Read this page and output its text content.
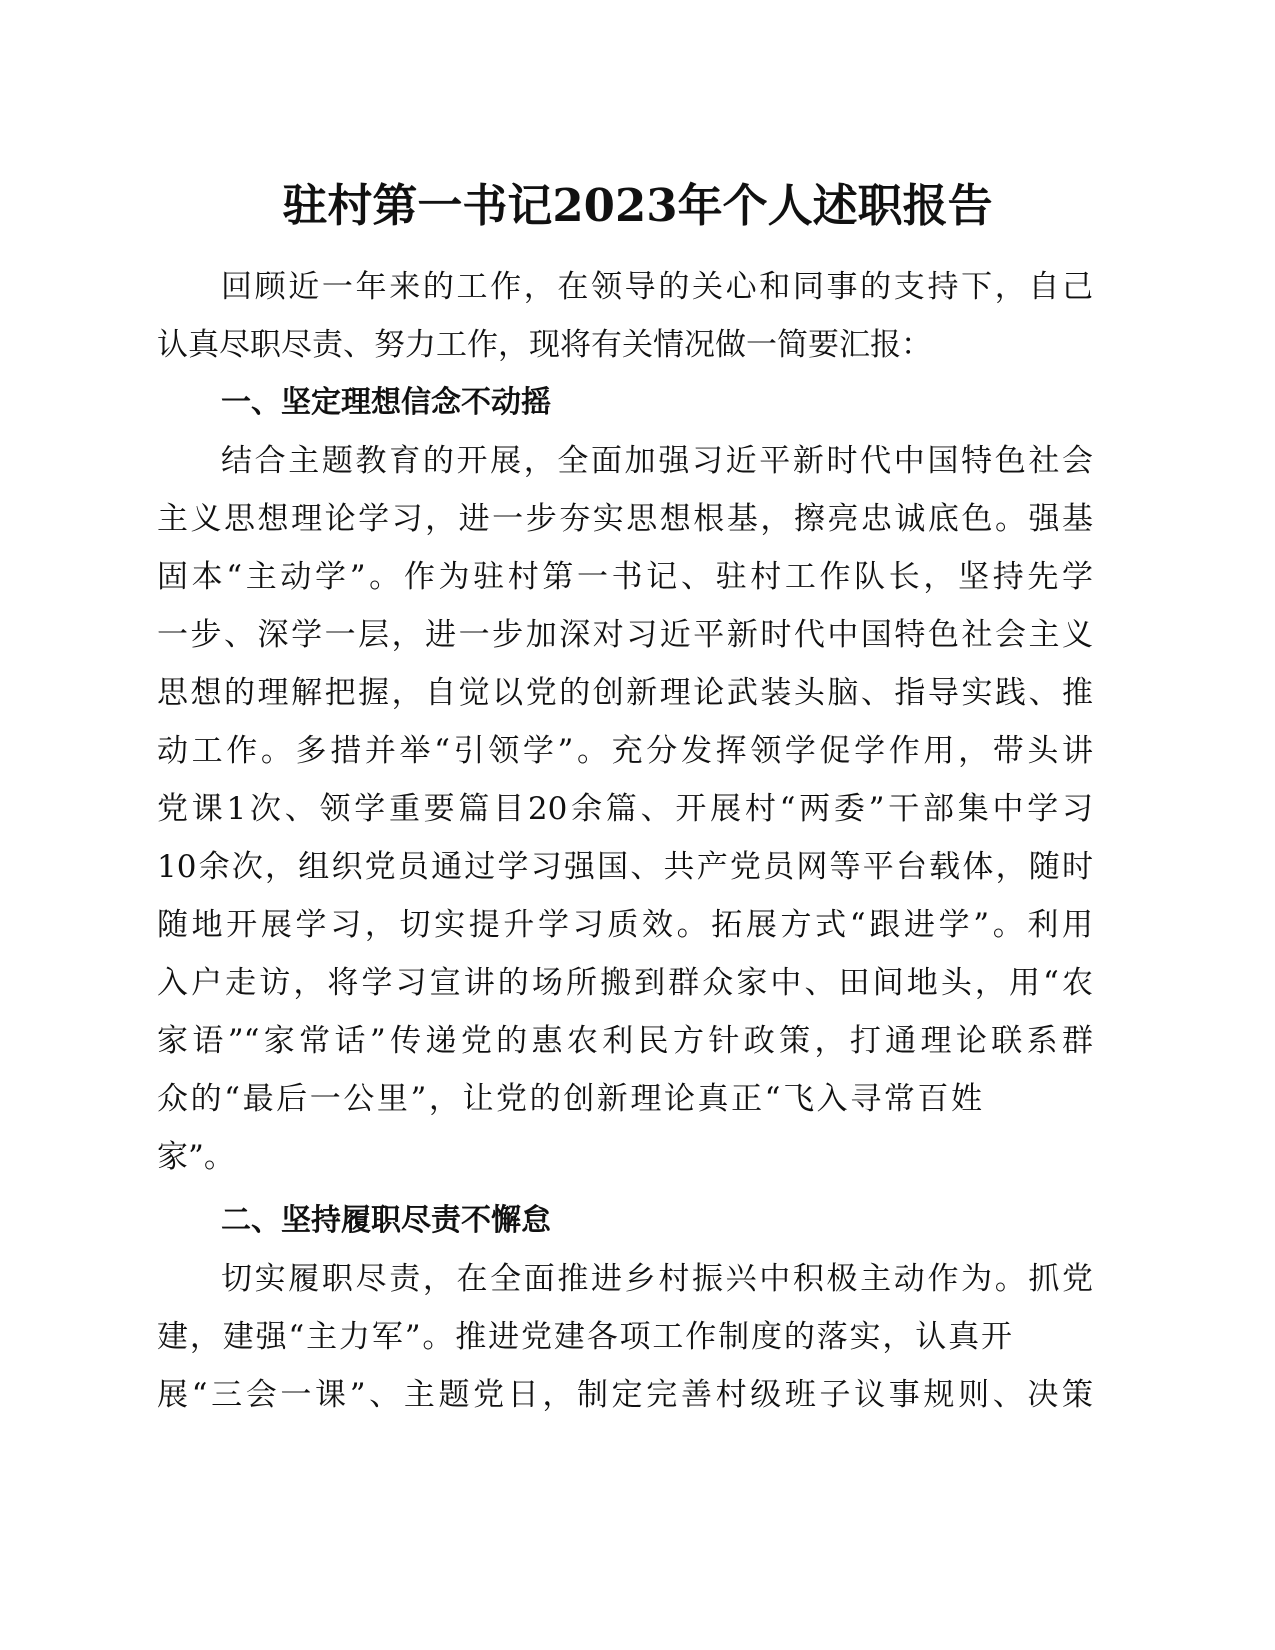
驻村第一书记2023年个人述职报告
回顾近一年来的工作，在领导的关心和同事的支持下，自己
认真尽职尽责、努力工作，现将有关情况做一简要汇报：
一、坚定理想信念不动摇
结合主题教育的开展，全面加强习近平新时代中国特色社会
主义思想理论学习，进一步夯实思想根基，擦亮忠诚底色。强基
固本“主动学”。作为驻村第一书记、驻村工作队长，坚持先学
一步、深学一层，进一步加深对习近平新时代中国特色社会主义
思想的理解把握，自觉以党的创新理论武装头脑、指导实践、推
动工作。多措并举“引领学”。充分发挥领学促学作用，带头讲
党课1次、领学重要篇目20余篇、开展村“两委”干部集中学习
10余次，组织党员通过学习强国、共产党员网等平台载体，随时
随地开展学习，切实提升学习质效。拓展方式“跟进学”。利用
入户走访，将学习宣讲的场所搬到群众家中、田间地头，用“农
家语”“家常话”传递党的惠农利民方针政策，打通理论联系群
众的“最后一公里”，让党的创新理论真正“飞入寻常百姓
家”。
二、坚持履职尽责不懈怠
切实履职尽责，在全面推进乡村振兴中积极主动作为。抓党
建，建强“主力军”。推进党建各项工作制度的落实，认真开
展“三会一课”、主题党日，制定完善村级班子议事规则、决策
